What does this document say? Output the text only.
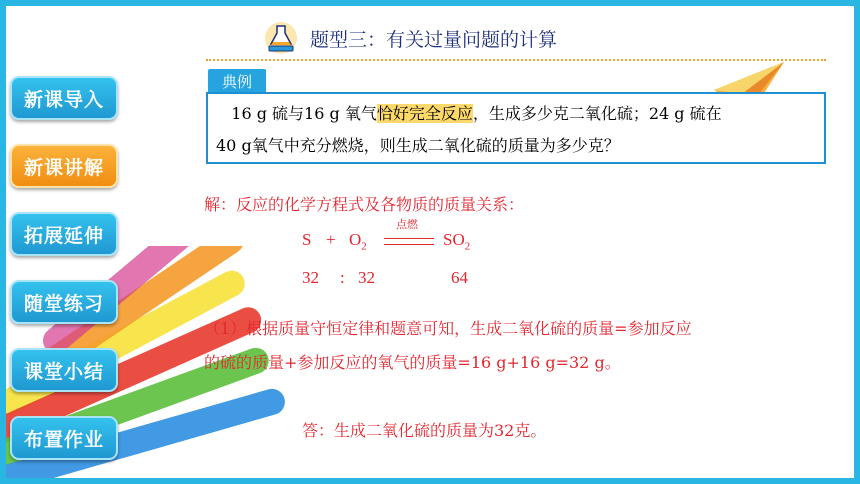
题型三：有关过量问题的计算
新课导入
新课讲解
拓展延伸
随堂练习
课堂小结
布置作业
典例
16 g 硫与16 g 氧气恰好完全反应，生成多少克二氧化硫；24 g 硫在
40 g氧气中充分燃烧，则生成二氧化硫的质量为多少克？
解：反应的化学方程式及各物质的质量关系：
$S + O_2$
点燃
$SO_2$
32 : 32	64
（1）根据质量守恒定律和题意可知，生成二氧化硫的质量=参加反应
的硫的质量+参加反应的氧气的质量=16 g+16 g=32 g。
答：生成二氧化硫的质量为32克。
